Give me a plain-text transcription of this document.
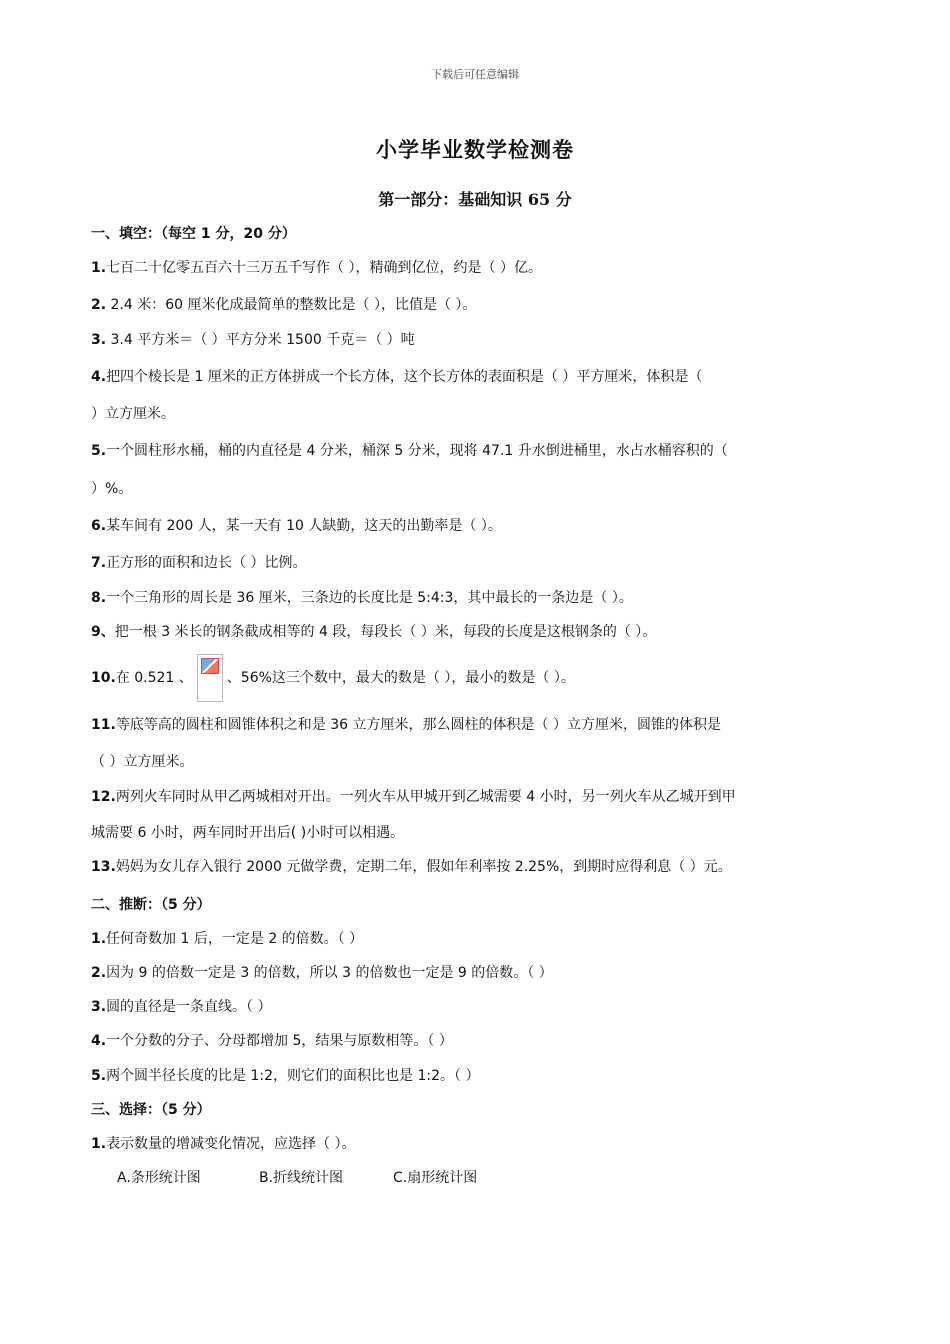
下载后可任意编辑
小学毕业数学检测卷
第一部分：基础知识 65 分
一、填空：（每空 1 分，20 分）
1.七百二十亿零五百六十三万五千写作（ ），精确到亿位，约是（ ）亿。
2. 2.4 米：60 厘米化成最简单的整数比是（ ），比值是（ ）。
3. 3.4 平方米＝（ ）平方分米 1500 千克＝（ ）吨
4.把四个棱长是 1 厘米的正方体拼成一个长方体，这个长方体的表面积是（ ）平方厘米，体积是（
）立方厘米。
5.一个圆柱形水桶，桶的内直径是 4 分米，桶深 5 分米，现将 47.1 升水倒进桶里，水占水桶容积的（
）%。
6.某车间有 200 人，某一天有 10 人缺勤，这天的出勤率是（ ）。
7.正方形的面积和边长（ ）比例。
8.一个三角形的周长是 36 厘米，三条边的长度比是 5:4:3，其中最长的一条边是（ ）。
9、把一根 3 米长的钢条截成相等的 4 段，每段长（ ）米，每段的长度是这根钢条的（ ）。
10. 在 0.521 、 、56%这三个数中，最大的数是（ ），最小的数是（ ）。
11.等底等高的圆柱和圆锥体积之和是 36 立方厘米，那么圆柱的体积是（ ）立方厘米，圆锥的体积是
（ ）立方厘米。
12.两列火车同时从甲乙两城相对开出。一列火车从甲城开到乙城需要 4 小时，另一列火车从乙城开到甲
城需要 6 小时，两车同时开出后( )小时可以相遇。
13.妈妈为女儿存入银行 2000 元做学费，定期二年，假如年利率按 2.25%，到期时应得利息（ ）元。
二、推断：（5 分）
1.任何奇数加 1 后，一定是 2 的倍数。（ ）
2.因为 9 的倍数一定是 3 的倍数，所以 3 的倍数也一定是 9 的倍数。（ ）
3.圆的直径是一条直线。（ ）
4.一个分数的分子、分母都增加 5，结果与原数相等。（ ）
5.两个圆半径长度的比是 1:2，则它们的面积比也是 1:2。（ ）
三、选择：（5 分）
1.表示数量的增减变化情况，应选择（ ）。
A.条形统计图	B.折线统计图	C.扇形统计图
